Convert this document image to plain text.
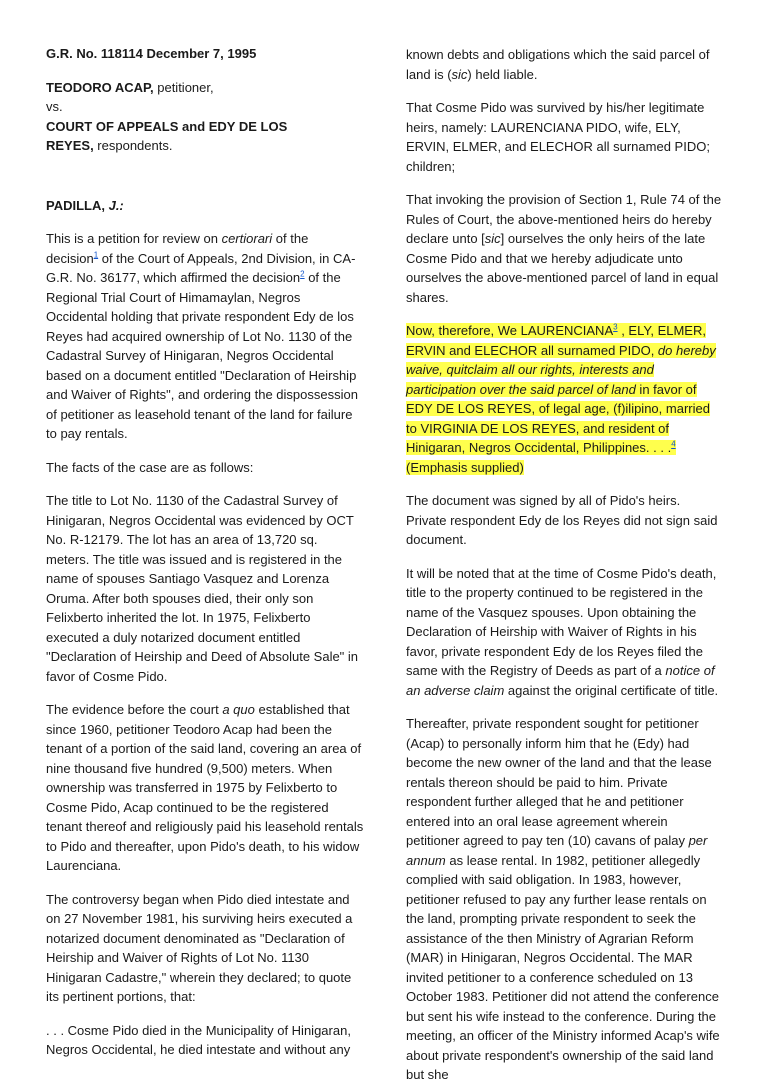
G.R. No. 118114 December 7, 1995

TEODORO ACAP, petitioner,

vs.

COURT OF APPEALS and EDY DE LOS
REYES, respondents.

PADILLA, J.:

This is a petition for review on certiorari of the decision$^1$ of the Court of Appeals, 2nd Division, in CA-G.R. No. 36177, which affirmed the decision$^2$ of the Regional Trial Court of Himamaylan, Negros Occidental holding that private respondent Edy de los Reyes had acquired ownership of Lot No. 1130 of the Cadastral Survey of Hinigaran, Negros Occidental based on a document entitled "Declaration of Heirship and Waiver of Rights", and ordering the dispossession of petitioner as leasehold tenant of the land for failure to pay rentals.

The facts of the case are as follows:

The title to Lot No. 1130 of the Cadastral Survey of Hinigaran, Negros Occidental was evidenced by OCT No. R-12179. The lot has an area of 13,720 sq. meters. The title was issued and is registered in the name of spouses Santiago Vasquez and Lorenza Oruma. After both spouses died, their only son Felixberto inherited the lot. In 1975, Felixberto executed a duly notarized document entitled "Declaration of Heirship and Deed of Absolute Sale" in favor of Cosme Pido.

The evidence before the court a quo established that since 1960, petitioner Teodoro Acap had been the tenant of a portion of the said land, covering an area of nine thousand five hundred (9,500) meters. When ownership was transferred in 1975 by Felixberto to Cosme Pido, Acap continued to be the registered tenant thereof and religiously paid his leasehold rentals to Pido and thereafter, upon Pido's death, to his widow Laurenciana.

The controversy began when Pido died intestate and on 27 November 1981, his surviving heirs executed a notarized document denominated as "Declaration of Heirship and Waiver of Rights of Lot No. 1130 Hinigaran Cadastre," wherein they declared; to quote its pertinent portions, that:

. . . Cosme Pido died in the Municipality of Hinigaran, Negros Occidental, he died intestate and without any

known debts and obligations which the said parcel of land is (sic) held liable.

That Cosme Pido was survived by his/her legitimate heirs, namely: LAURENCIANA PIDO, wife, ELY, ERVIN, ELMER, and ELECHOR all surnamed PIDO; children;

That invoking the provision of Section 1, Rule 74 of the Rules of Court, the above-mentioned heirs do hereby declare unto [sic] ourselves the only heirs of the late Cosme Pido and that we hereby adjudicate unto ourselves the above-mentioned parcel of land in equal shares.

Now, therefore, We LAURENCIANA$^3$ , ELY, ELMER, ERVIN and ELECHOR all surnamed PIDO, do hereby waive, quitclaim all our rights, interests and participation over the said parcel of land in favor of EDY DE LOS REYES, of legal age, (f)ilipino, married to VIRGINIA DE LOS REYES, and resident of Hinigaran, Negros Occidental, Philippines. . . .$^4$ (Emphasis supplied)

The document was signed by all of Pido's heirs. Private respondent Edy de los Reyes did not sign said document.

It will be noted that at the time of Cosme Pido's death, title to the property continued to be registered in the name of the Vasquez spouses. Upon obtaining the Declaration of Heirship with Waiver of Rights in his favor, private respondent Edy de los Reyes filed the same with the Registry of Deeds as part of a notice of an adverse claim against the original certificate of title.

Thereafter, private respondent sought for petitioner (Acap) to personally inform him that he (Edy) had become the new owner of the land and that the lease rentals thereon should be paid to him. Private respondent further alleged that he and petitioner entered into an oral lease agreement wherein petitioner agreed to pay ten (10) cavans of palay per annum as lease rental. In 1982, petitioner allegedly complied with said obligation. In 1983, however, petitioner refused to pay any further lease rentals on the land, prompting private respondent to seek the assistance of the then Ministry of Agrarian Reform (MAR) in Hinigaran, Negros Occidental. The MAR invited petitioner to a conference scheduled on 13 October 1983. Petitioner did not attend the conference but sent his wife instead to the conference. During the meeting, an officer of the Ministry informed Acap's wife about private respondent's ownership of the said land but she
